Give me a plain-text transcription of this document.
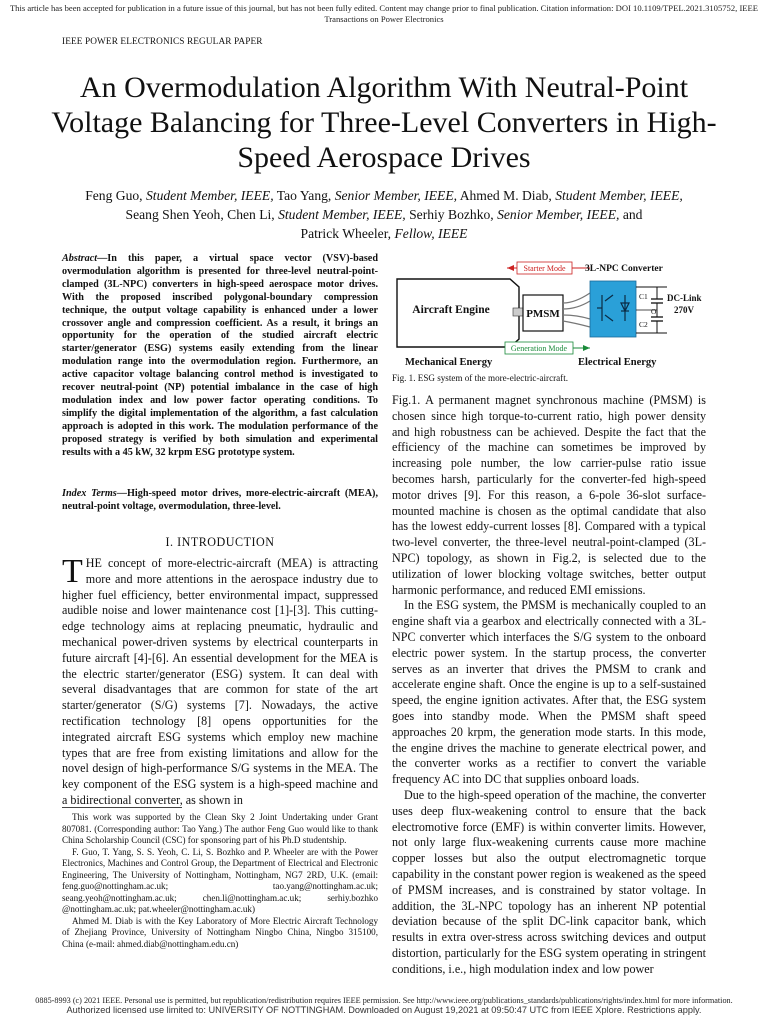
This article has been accepted for publication in a future issue of this journal, but has not been fully edited. Content may change prior to final publication. Citation information: DOI 10.1109/TPEL.2021.3105752, IEEE Transactions on Power Electronics
IEEE POWER ELECTRONICS REGULAR PAPER
An Overmodulation Algorithm With Neutral-Point Voltage Balancing for Three-Level Converters in High-Speed Aerospace Drives
Feng Guo, Student Member, IEEE, Tao Yang, Senior Member, IEEE, Ahmed M. Diab, Student Member, IEEE,
Seang Shen Yeoh, Chen Li, Student Member, IEEE, Serhiy Bozhko, Senior Member, IEEE, and
Patrick Wheeler, Fellow, IEEE
Abstract—In this paper, a virtual space vector (VSV)-based overmodulation algorithm is presented for three-level neutral-point-clamped (3L-NPC) converters in high-speed aerospace motor drives. With the proposed inscribed polygonal-boundary compression technique, the output voltage capability is enhanced under a lower crossover angle and compression coefficient. As a result, it brings an opportunity for the operation of the studied aircraft electric starter/generator (ESG) systems easily extending from the linear modulation range into the overmodulation region. Furthermore, an active capacitor voltage balancing control method is investigated to recover neutral-point (NP) potential imbalance in the case of high modulation index and low power factor operating conditions. To simplify the digital implementation of the algorithm, a fast calculation approach is adopted in this work. The modulation performance of the proposed strategy is verified by both simulation and experimental results with a 45 kW, 32 krpm ESG prototype system.
Index Terms—High-speed motor drives, more-electric-aircraft (MEA), neutral-point voltage, overmodulation, three-level.
I. INTRODUCTION
THE concept of more-electric-aircraft (MEA) is attracting more and more attentions in the aerospace industry due to higher fuel efficiency, better environmental impact, suppressed audible noise and lower maintenance cost [1]-[3]. This cutting-edge technology aims at replacing pneumatic, hydraulic and mechanical power-driven systems by electrical counterparts in future aircraft [4]-[6]. An essential development for the MEA is the electric starter/generator (ESG) system. It can deal with several disadvantages that are common for state of the art starter/generator (S/G) systems [7]. Nowadays, the active rectification technology [8] opens opportunities for the integrated aircraft ESG systems which employ new machine types that are free from existing limitations and allow for the novel design of high-performance S/G systems in the MEA. The key component of the ESG system is a high-speed machine and a bidirectional converter, as shown in

This work was supported by the Clean Sky 2 Joint Undertaking under Grant 807081. (Corresponding author: Tao Yang.) The author Feng Guo would like to thank China Scholarship Council (CSC) for sponsoring part of his Ph.D studentship.

F. Guo, T. Yang, S. S. Yeoh, C. Li, S. Bozhko and P. Wheeler are with the Power Electronics, Machines and Control Group, the Department of Electrical and Electronic Engineering, The University of Nottingham, Nottingham, NG7 2RD, U.K. (email: feng.guo@nottingham.ac.uk; tao.yang@nottingham.ac.uk; seang.yeoh@nottingham.ac.uk; chen.li@nottingham.ac.uk; serhiy.bozhko @nottingham.ac.uk; pat.wheeler@nottingham.ac.uk)

Ahmed M. Diab is with the Key Laboratory of More Electric Aircraft Technology of Zhejiang Province, University of Nottingham Ningbo China, Ningbo 315100, China (e-mail: ahmed.diab@nottingham.edu.cn)

Starter Mode 3L-NPC Converter
Aircraft Engine	PMSM
C1
C2
O
DC-Link
270V
Generation Mode
Mechanical Energy	Electrical Energy
Fig. 1. ESG system of the more-electric-aircraft.

Fig.1. A permanent magnet synchronous machine (PMSM) is chosen since high torque-to-current ratio, high power density and high robustness can be achieved. Despite the fact that the efficiency of the machine can sometimes be improved by increasing pole number, the low carrier-pulse ratio issue becomes harsh, particularly for the converter-fed high-speed motor drives [9]. For this reason, a 6-pole 36-slot surface-mounted machine is chosen as the optimal candidate that also has the lowest eddy-current losses [8]. Compared with a typical two-level converter, the three-level neutral-point-clamped (3L-NPC) topology, as shown in Fig.2, is selected due to the utilization of lower blocking voltage switches, better output harmonic performance, and reduced EMI emissions.

In the ESG system, the PMSM is mechanically coupled to an engine shaft via a gearbox and electrically connected with a 3L-NPC converter which interfaces the S/G system to the onboard electric power system. In the startup process, the converter serves as an inverter that drives the PMSM to crank and accelerate engine shaft. Once the engine is up to a self-sustained speed, the engine ignition activates. After that, the ESG system goes into standby mode. When the PMSM shaft speed approaches 20 krpm, the generation mode starts. In this mode, the engine drives the machine to generate electrical power, and the converter works as a rectifier to convert the variable frequency AC into DC that supplies onboard loads.

Due to the high-speed operation of the machine, the converter uses deep flux-weakening control to ensure that the back electromotive force (EMF) is within converter limits. However, not only large flux-weakening currents cause more machine copper losses but also the output electromagnetic torque capability in the constant power region is weakened as the speed of PMSM increases, and is constrained by stator voltage. In addition, the 3L-NPC topology has an inherent NP potential deviation because of the split DC-link capacitor bank, which results in extra over-stress across switching devices and output distortion, particularly for the ESG system operating in stringent conditions, i.e., high modulation index and low power

0885-8993 (c) 2021 IEEE. Personal use is permitted, but republication/redistribution requires IEEE permission. See http://www.ieee.org/publications_standards/publications/rights/index.html for more information.
Authorized licensed use limited to: UNIVERSITY OF NOTTINGHAM. Downloaded on August 19,2021 at 09:50:47 UTC from IEEE Xplore. Restrictions apply.
